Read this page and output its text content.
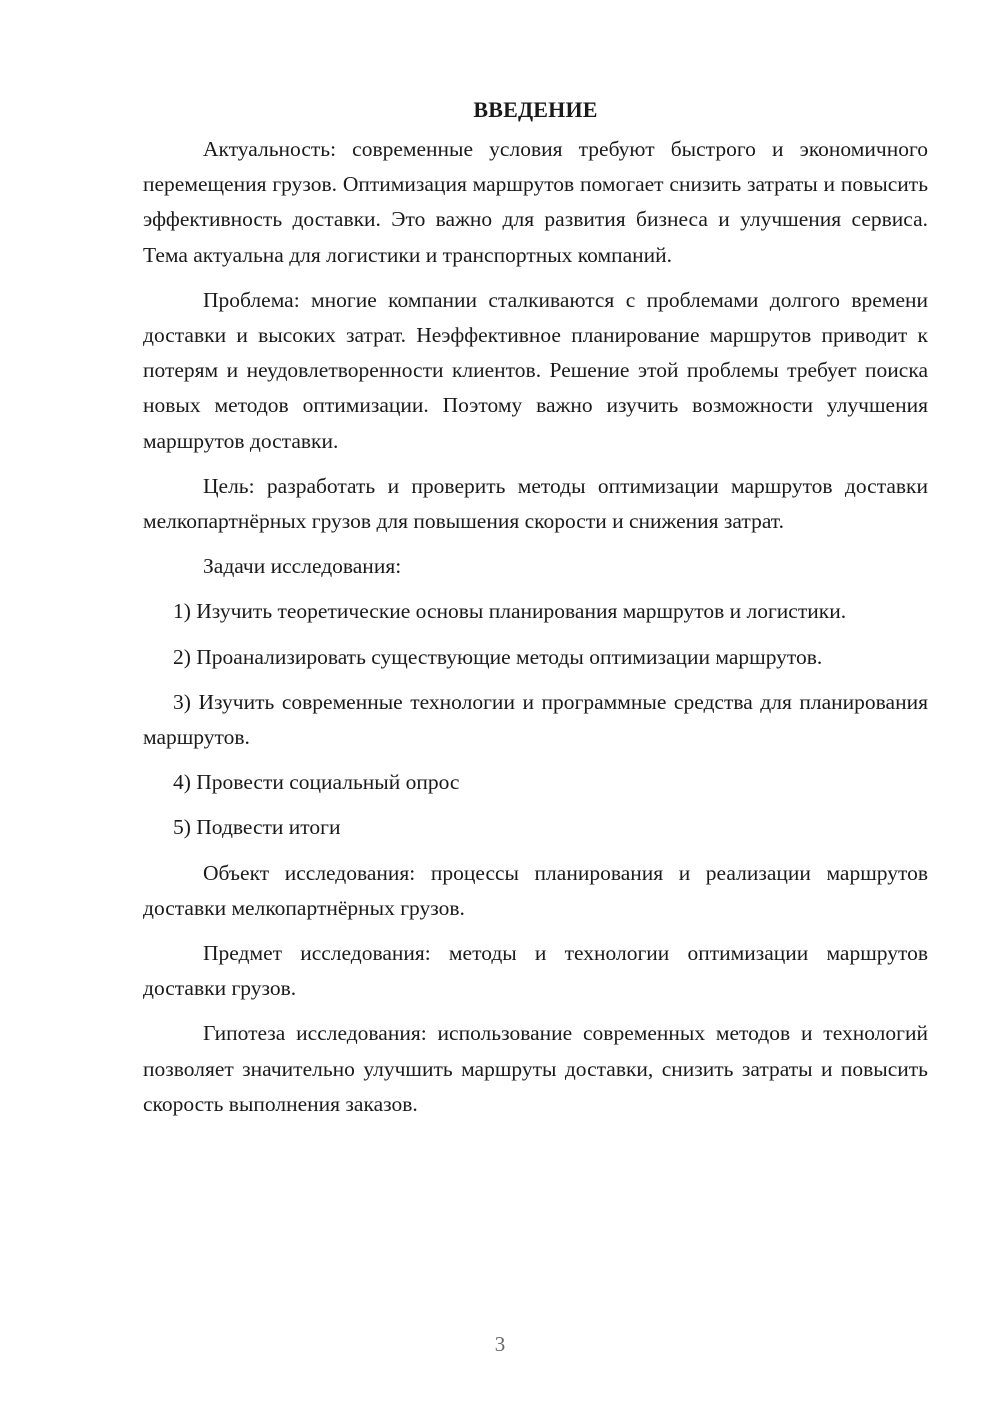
ВВЕДЕНИЕ

Актуальность: современные условия требуют быстрого и экономичного перемещения грузов. Оптимизация маршрутов помогает снизить затраты и повысить эффективность доставки. Это важно для развития бизнеса и улучшения сервиса. Тема актуальна для логистики и транспортных компаний.

Проблема: многие компании сталкиваются с проблемами долгого времени доставки и высоких затрат. Неэффективное планирование маршрутов приводит к потерям и неудовлетворенности клиентов. Решение этой проблемы требует поиска новых методов оптимизации. Поэтому важно изучить возможности улучшения маршрутов доставки.

Цель: разработать и проверить методы оптимизации маршрутов доставки мелкопартнёрных грузов для повышения скорости и снижения затрат.

Задачи исследования:

1) Изучить теоретические основы планирования маршрутов и логистики.

2) Проанализировать существующие методы оптимизации маршрутов.

3) Изучить современные технологии и программные средства для планирования маршрутов.

4) Провести социальный опрос

5) Подвести итоги

Объект исследования: процессы планирования и реализации маршрутов доставки мелкопартнёрных грузов.

Предмет исследования: методы и технологии оптимизации маршрутов доставки грузов.

Гипотеза исследования: использование современных методов и технологий позволяет значительно улучшить маршруты доставки, снизить затраты и повысить скорость выполнения заказов.

3
